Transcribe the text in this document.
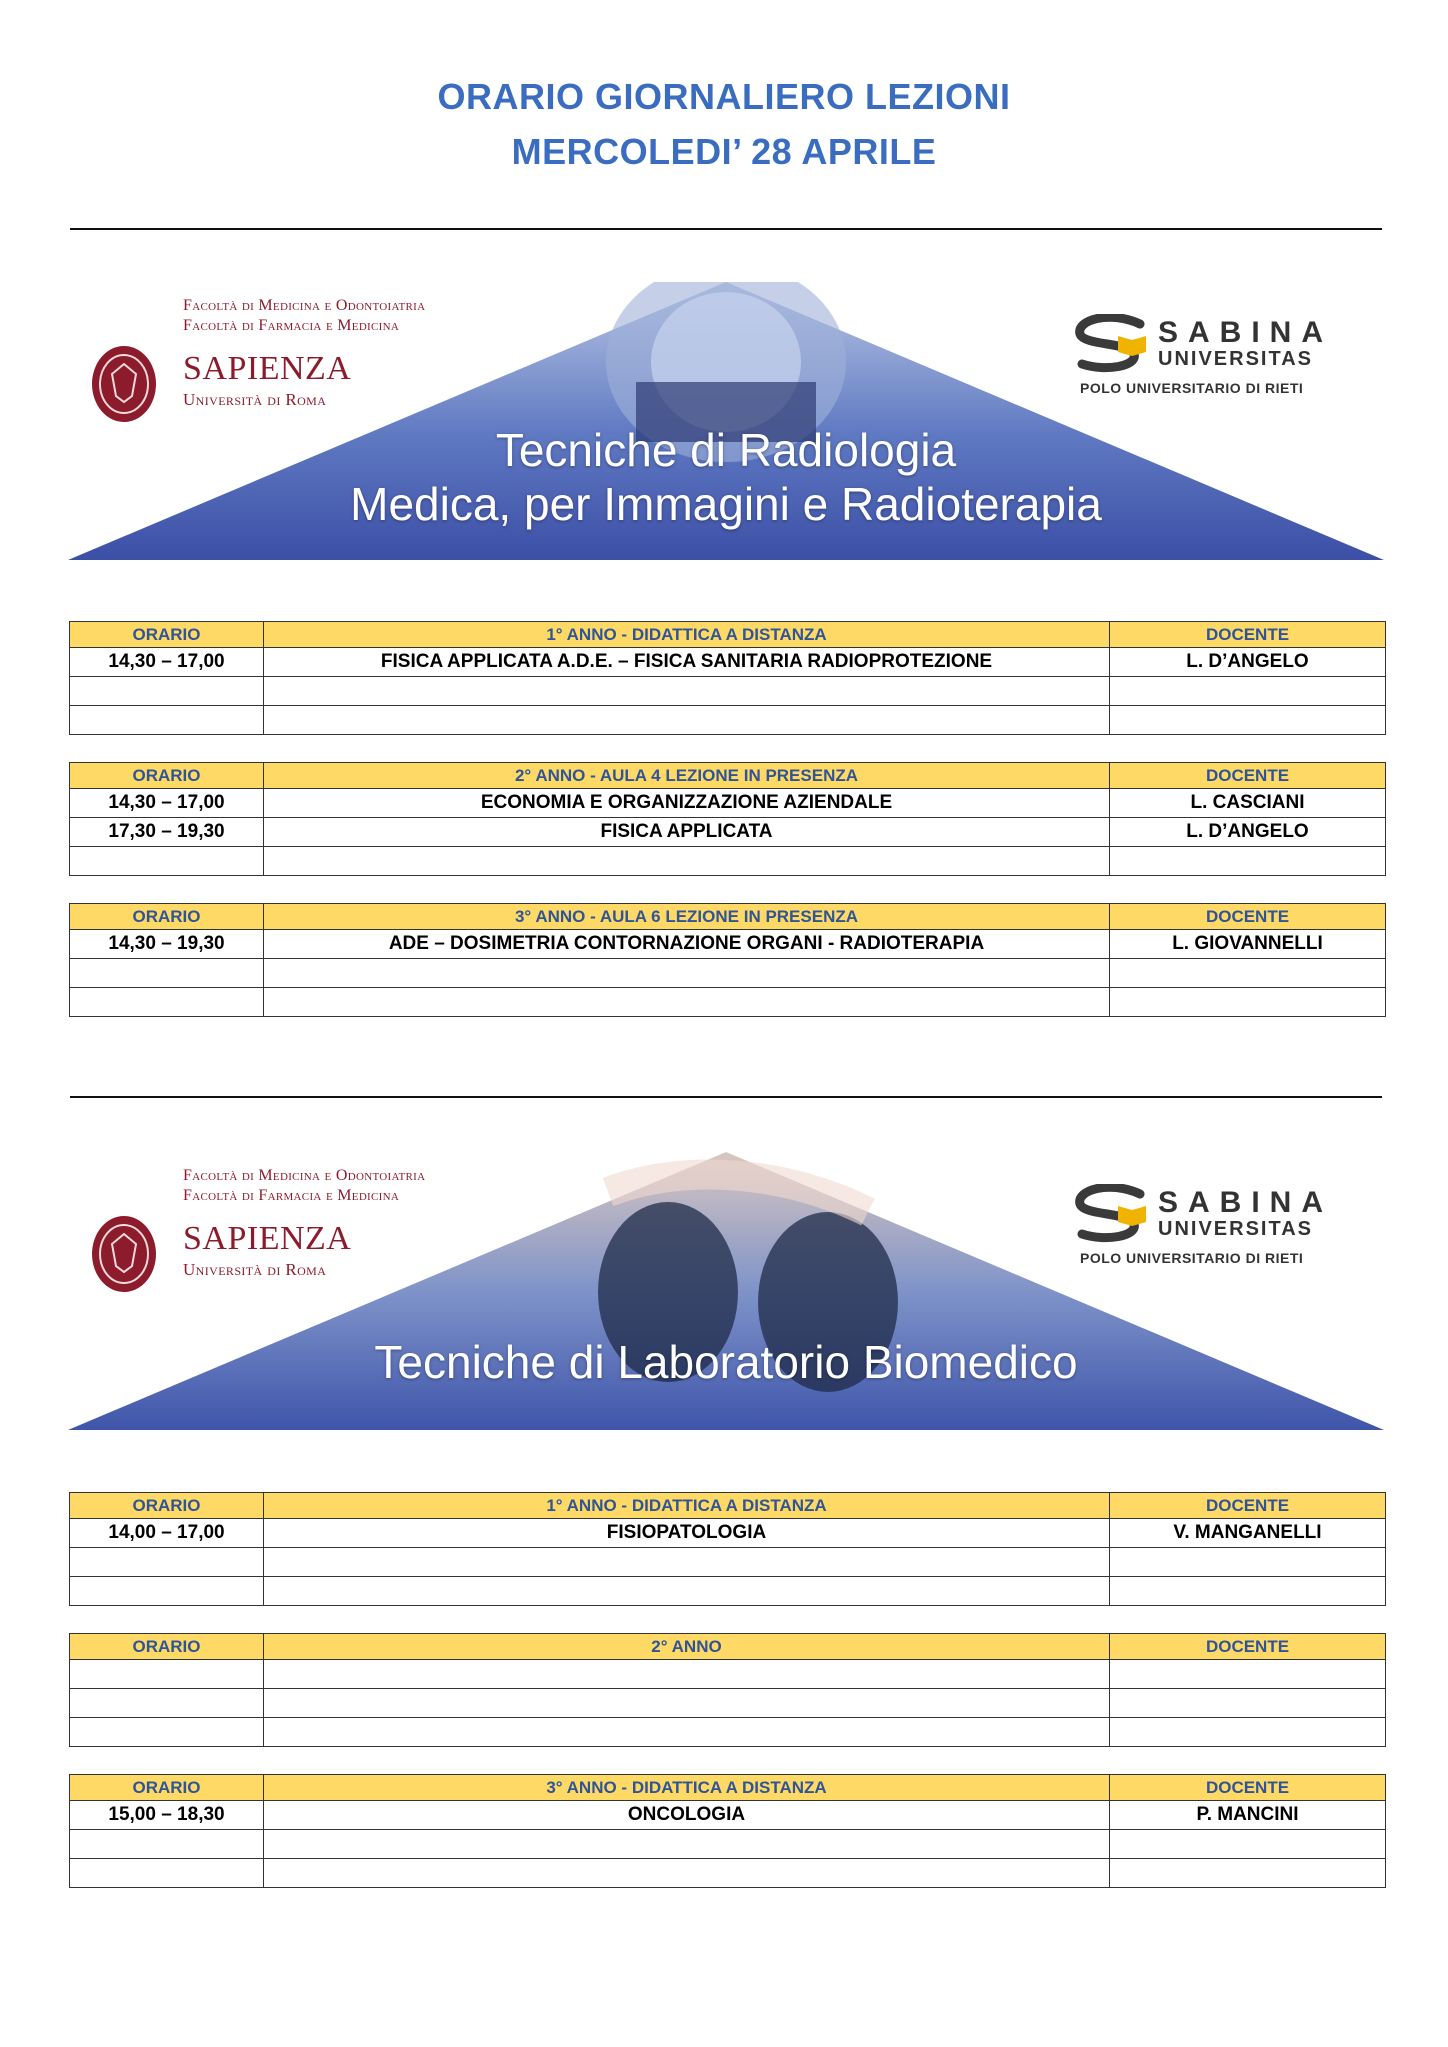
ORARIO GIORNALIERO LEZIONI
MERCOLEDI’ 28 APRILE
Facoltà di Medicina e Odontoiatria
Facoltà di Farmacia e Medicina
SAPIENZA
Università di Roma
SABINA
UNIVERSITAS
POLO UNIVERSITARIO DI RIETI
Tecniche di Radiologia
Medica, per Immagini e Radioterapia
ORARIO	1° ANNO - DIDATTICA A DISTANZA	DOCENTE
14,30 – 17,00	FISICA APPLICATA A.D.E. – FISICA SANITARIA RADIOPROTEZIONE	L. D’ANGELO

ORARIO	2° ANNO - AULA 4 LEZIONE IN PRESENZA	DOCENTE
14,30 – 17,00	ECONOMIA E ORGANIZZAZIONE AZIENDALE	L. CASCIANI
17,30 – 19,30	FISICA APPLICATA	L. D’ANGELO

ORARIO	3° ANNO - AULA 6 LEZIONE IN PRESENZA	DOCENTE
14,30 – 19,30	ADE – DOSIMETRIA CONTORNAZIONE ORGANI - RADIOTERAPIA	L. GIOVANNELLI

Facoltà di Medicina e Odontoiatria
Facoltà di Farmacia e Medicina
SAPIENZA
Università di Roma
SABINA
UNIVERSITAS
POLO UNIVERSITARIO DI RIETI
Tecniche di Laboratorio Biomedico
ORARIO	1° ANNO - DIDATTICA A DISTANZA	DOCENTE
14,00 – 17,00	FISIOPATOLOGIA	V. MANGANELLI

ORARIO	2° ANNO	DOCENTE

ORARIO	3° ANNO - DIDATTICA A DISTANZA	DOCENTE
15,00 – 18,30	ONCOLOGIA	P. MANCINI
